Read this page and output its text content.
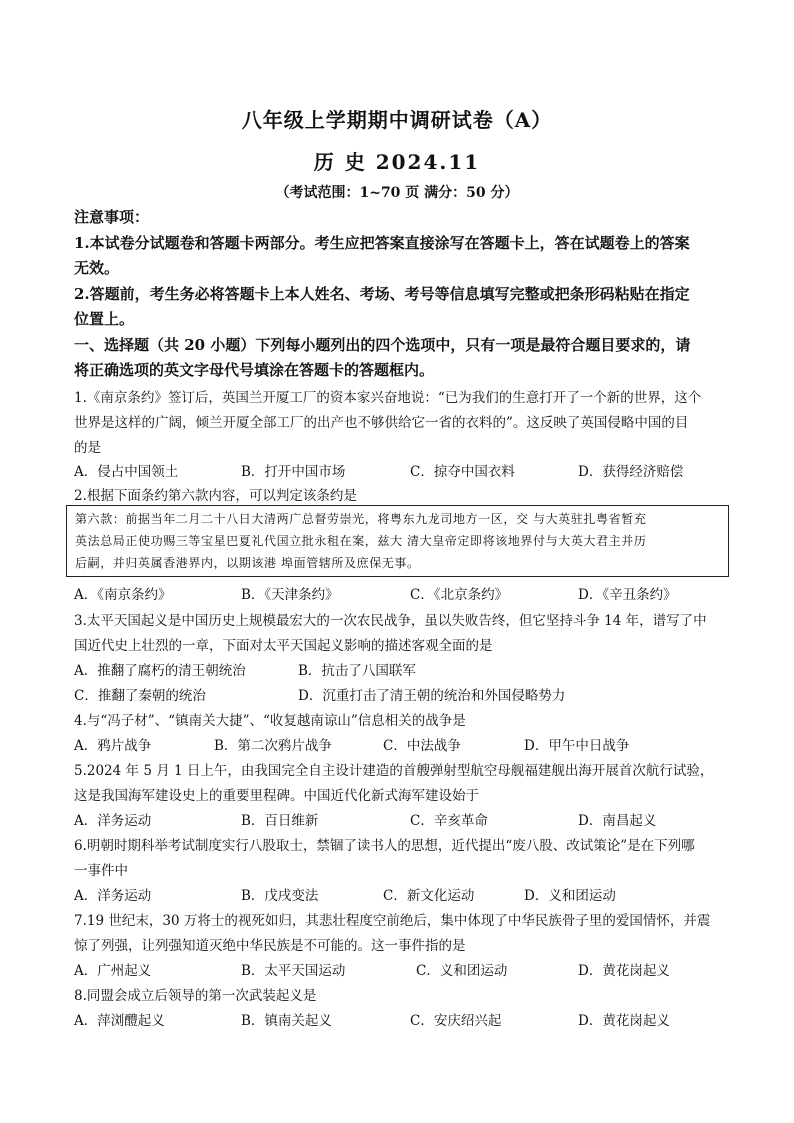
八年级上学期期中调研试卷（A）
历 史 2024.11
（考试范围：1~70 页 满分：50 分）
注意事项：
1.本试卷分试题卷和答题卡两部分。考生应把答案直接涂写在答题卡上，答在试题卷上的答案
无效。
2.答题前，考生务必将答题卡上本人姓名、考场、考号等信息填写完整或把条形码粘贴在指定
位置上。
一、选择题（共 20 小题）下列每小题列出的四个选项中，只有一项是最符合题目要求的，请
将正确选项的英文字母代号填涂在答题卡的答题框内。
1.《南京条约》签订后，英国兰开厦工厂的资本家兴奋地说：“已为我们的生意打开了一个新的世界，这个
世界是这样的广阔，倾兰开厦全部工厂的出产也不够供给它一省的衣料的”。这反映了英国侵略中国的目
的是
A．侵占中国领土	B．打开中国市场	C．掠夺中国衣料	D．获得经济赔偿
2.根据下面条约第六款内容，可以判定该条约是
第六款：前据当年二月二十八日大清两广总督劳崇光，将粤东九龙司地方一区，交 与大英驻扎粤省暂充
英法总局正使功赐三等宝星巴夏礼代国立批永租在案，兹大 清大皇帝定即将该地界付与大英大君主并历
后嗣，并归英属香港界内，以期该港 埠面管辖所及庶保无事。
A．《南京条约》	B．《天津条约》	C．《北京条约》	D．《辛丑条约》
3.太平天国起义是中国历史上规模最宏大的一次农民战争，虽以失败告终，但它坚持斗争 14 年，谱写了中
国近代史上壮烈的一章，下面对太平天国起义影响的描述客观全面的是
A．推翻了腐朽的清王朝统治	B．抗击了八国联军
C．推翻了秦朝的统治	D．沉重打击了清王朝的统治和外国侵略势力
4.与“冯子材”、“镇南关大捷”、“收复越南谅山”信息相关的战争是
A．鸦片战争	B．第二次鸦片战争	C．中法战争	D．甲午中日战争
5.2024 年 5 月 1 日上午，由我国完全自主设计建造的首艘弹射型航空母舰福建舰出海开展首次航行试验，
这是我国海军建设史上的重要里程碑。中国近代化新式海军建设始于
A．洋务运动	B．百日维新	C．辛亥革命	D．南昌起义
6.明朝时期科举考试制度实行八股取士，禁锢了读书人的思想，近代提出“废八股、改试策论”是在下列哪
一事件中
A．洋务运动	B．戊戌变法	C．新文化运动	D．义和团运动
7.19 世纪末，30 万将士的视死如归，其悲壮程度空前绝后，集中体现了中华民族骨子里的爱国情怀，并震
惊了列强，让列强知道灭绝中华民族是不可能的。这一事件指的是
A．广州起义	B．太平天国运动	C．义和团运动	D．黄花岗起义
8.同盟会成立后领导的第一次武装起义是
A．萍浏醴起义	B．镇南关起义	C．安庆绍兴起	D．黄花岗起义
